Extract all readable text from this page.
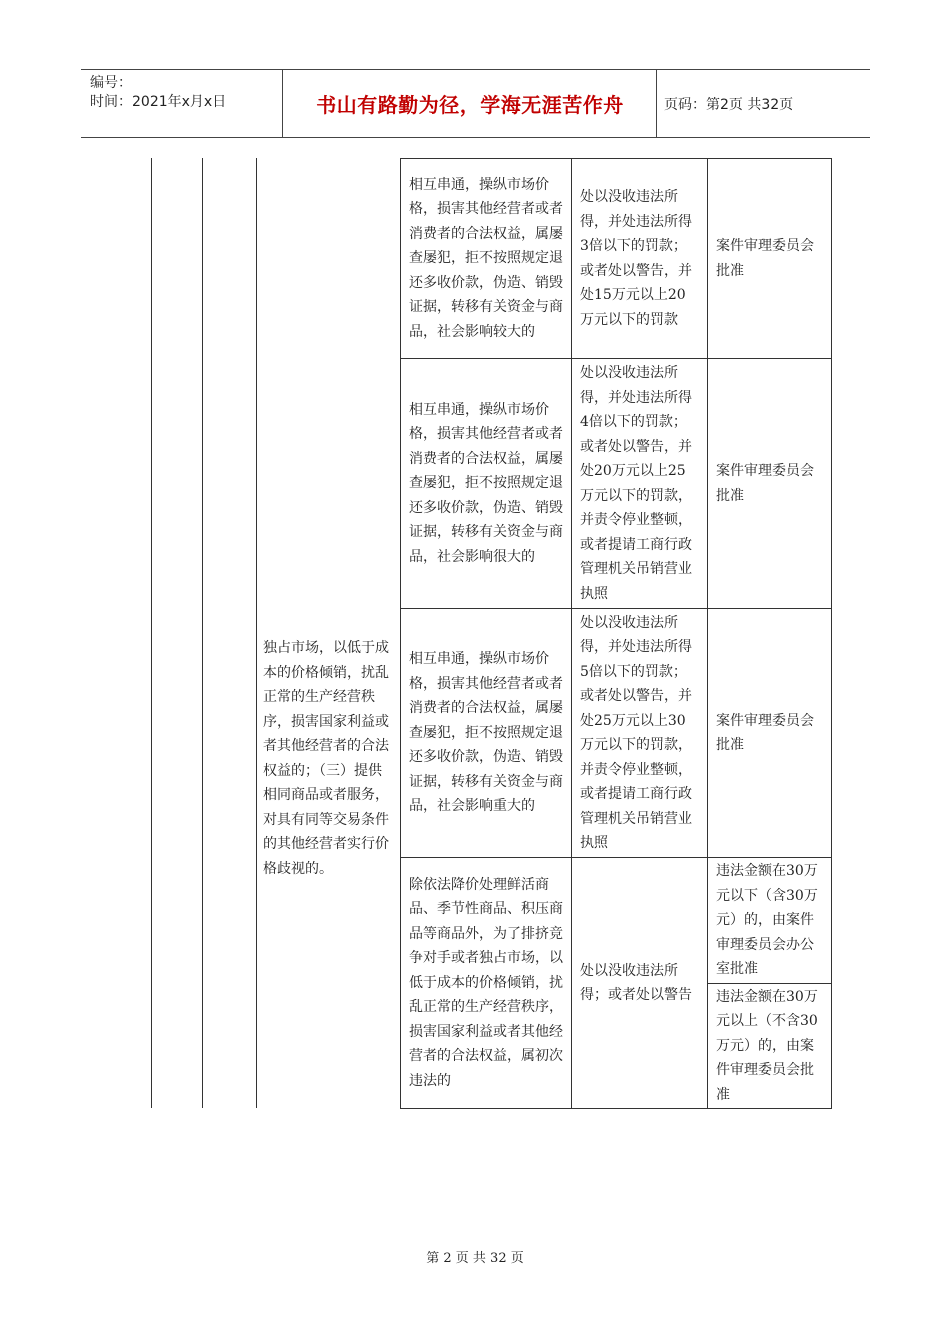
编号：
时间：2021年x月x日	书山有路勤为径，学海无涯苦作舟	页码：第2页 共32页
独占市场，以低于成本的价格倾销，扰乱正常的生产经营秩序，损害国家利益或者其他经营者的合法权益的；（三）提供相同商品或者服务，对具有同等交易条件的其他经营者实行价格歧视的。
相互串通，操纵市场价格，损害其他经营者或者消费者的合法权益，属屡查屡犯，拒不按照规定退还多收价款，伪造、销毁证据，转移有关资金与商品，社会影响较大的	处以没收违法所得，并处违法所得3倍以下的罚款；或者处以警告，并处15万元以上20万元以下的罚款	案件审理委员会批准
相互串通，操纵市场价格，损害其他经营者或者消费者的合法权益，属屡查屡犯，拒不按照规定退还多收价款，伪造、销毁证据，转移有关资金与商品，社会影响很大的	处以没收违法所得，并处违法所得4倍以下的罚款；或者处以警告，并处20万元以上25万元以下的罚款，并责令停业整顿，或者提请工商行政管理机关吊销营业执照	案件审理委员会批准
相互串通，操纵市场价格，损害其他经营者或者消费者的合法权益，属屡查屡犯，拒不按照规定退还多收价款，伪造、销毁证据，转移有关资金与商品，社会影响重大的	处以没收违法所得，并处违法所得5倍以下的罚款；或者处以警告，并处25万元以上30万元以下的罚款，并责令停业整顿，或者提请工商行政管理机关吊销营业执照	案件审理委员会批准
除依法降价处理鲜活商品、季节性商品、积压商品等商品外，为了排挤竞争对手或者独占市场，以低于成本的价格倾销，扰乱正常的生产经营秩序，损害国家利益或者其他经营者的合法权益，属初次违法的	处以没收违法所得；或者处以警告	违法金额在30万元以下（含30万元）的，由案件审理委员会办公室批准
		违法金额在30万元以上（不含30万元）的，由案件审理委员会批准
第 2 页 共 32 页
